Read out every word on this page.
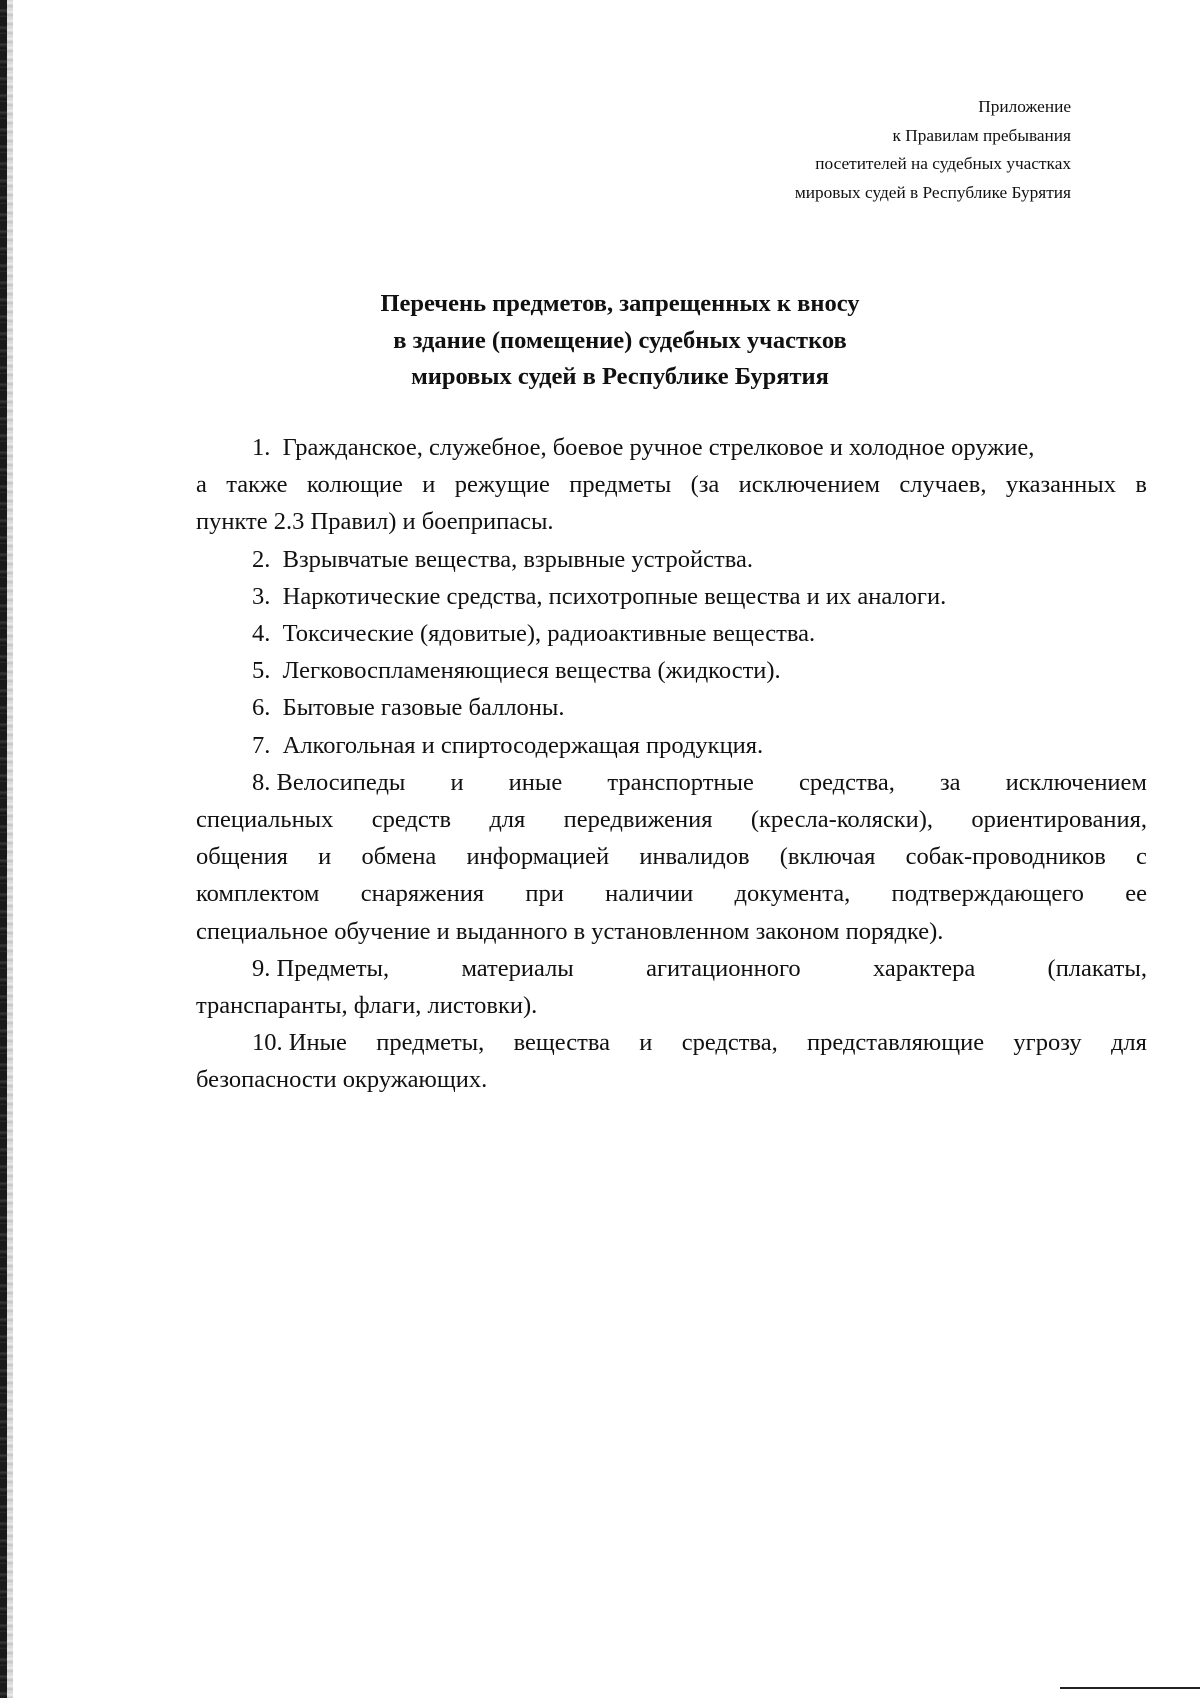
Приложение
к Правилам пребывания
посетителей на судебных участках
мировых судей в Республике Бурятия
Перечень предметов, запрещенных к вносу
в здание (помещение) судебных участков
мировых судей в Республике Бурятия
1. Гражданское, служебное, боевое ручное стрелковое и холодное оружие,
а также колющие и режущие предметы (за исключением случаев, указанных в
пункте 2.3 Правил) и боеприпасы.
2. Взрывчатые вещества, взрывные устройства.
3. Наркотические средства, психотропные вещества и их аналоги.
4. Токсические (ядовитые), радиоактивные вещества.
5. Легковоспламеняющиеся вещества (жидкости).
6. Бытовые газовые баллоны.
7. Алкогольная и спиртосодержащая продукция.
8. Велосипеды и иные транспортные средства, за исключением
специальных средств для передвижения (кресла-коляски), ориентирования,
общения и обмена информацией инвалидов (включая собак-проводников с
комплектом снаряжения при наличии документа, подтверждающего ее
специальное обучение и выданного в установленном законом порядке).
9. Предметы,	материалы	агитационного	характера	(плакаты,
транспаранты, флаги, листовки).
10. Иные предметы, вещества и средства, представляющие угрозу для
безопасности окружающих.
